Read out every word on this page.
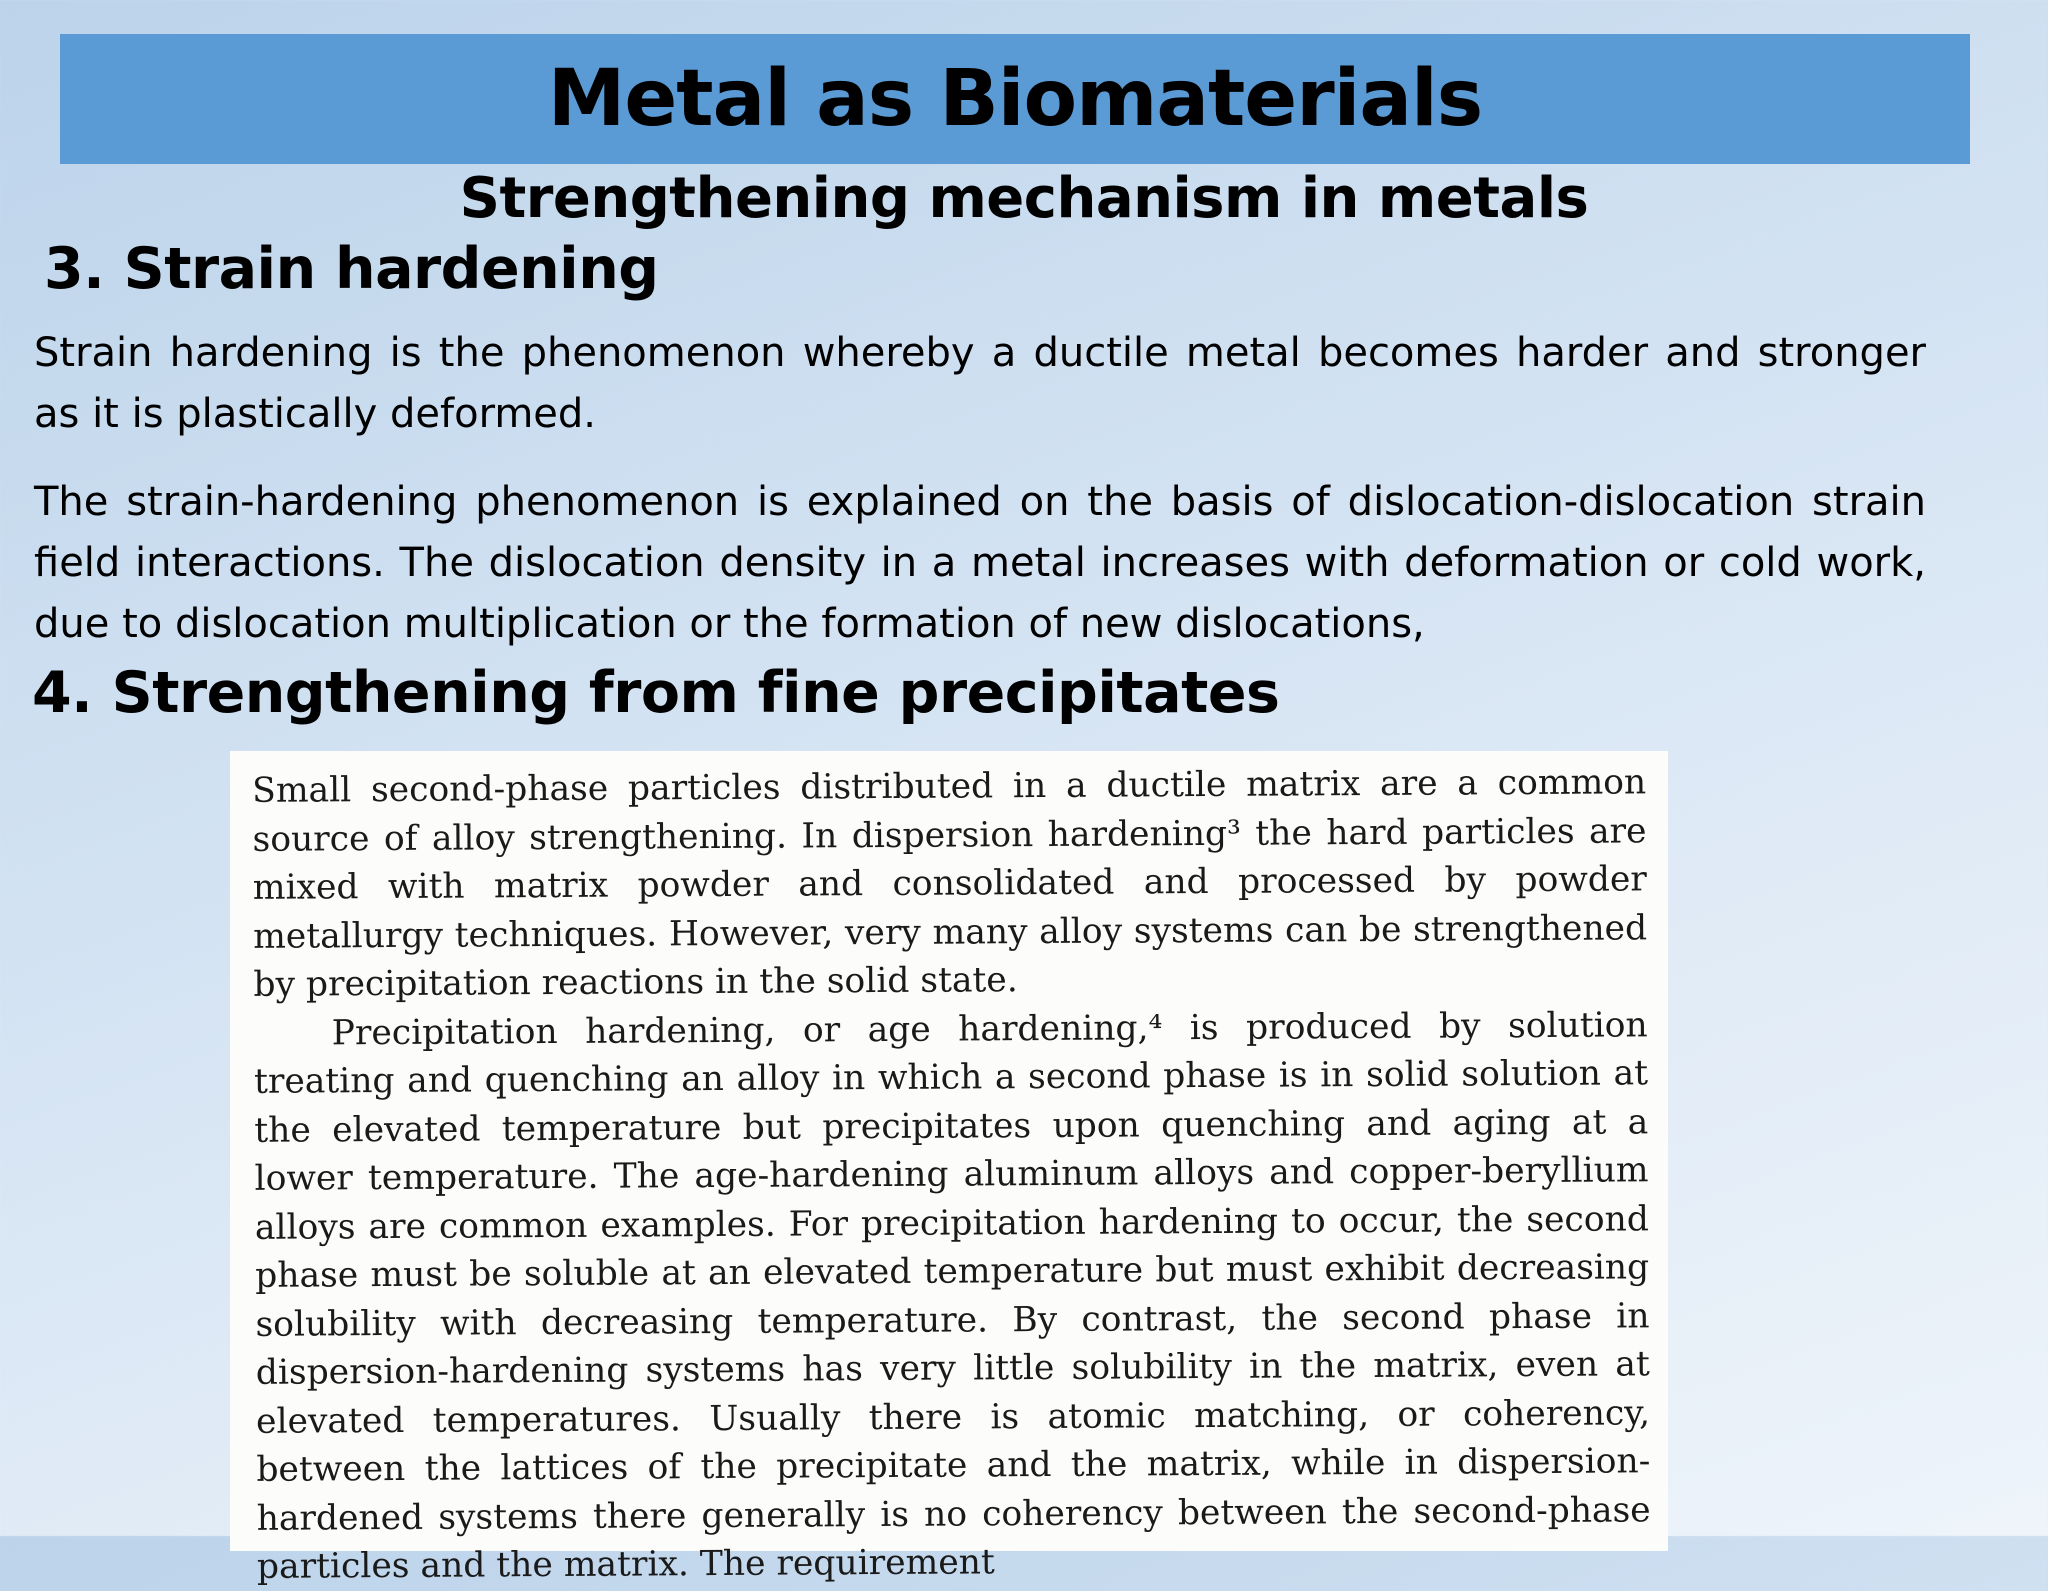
Metal as Biomaterials
Strengthening mechanism in metals
3. Strain hardening
Strain hardening is the phenomenon whereby a ductile metal becomes harder and stronger as it is plastically deformed.
The strain-hardening phenomenon is explained on the basis of dislocation-dislocation strain field interactions. The dislocation density in a metal increases with deformation or cold work, due to dislocation multiplication or the formation of new dislocations,
4. Strengthening from fine precipitates

Small second-phase particles distributed in a ductile matrix are a common source of alloy strengthening. In dispersion hardening³ the hard particles are mixed with matrix powder and consolidated and processed by powder metallurgy techniques. However, very many alloy systems can be strengthened by precipitation reactions in the solid state.

Precipitation hardening, or age hardening,⁴ is produced by solution treating and quenching an alloy in which a second phase is in solid solution at the elevated temperature but precipitates upon quenching and aging at a lower temperature. The age-hardening aluminum alloys and copper-beryllium alloys are common examples. For precipitation hardening to occur, the second phase must be soluble at an elevated temperature but must exhibit decreasing solubility with decreasing temperature. By contrast, the second phase in dispersion-hardening systems has very little solubility in the matrix, even at elevated temperatures. Usually there is atomic matching, or coherency, between the lattices of the precipitate and the matrix, while in dispersion-hardened systems there generally is no coherency between the second-phase particles and the matrix. The requirement
